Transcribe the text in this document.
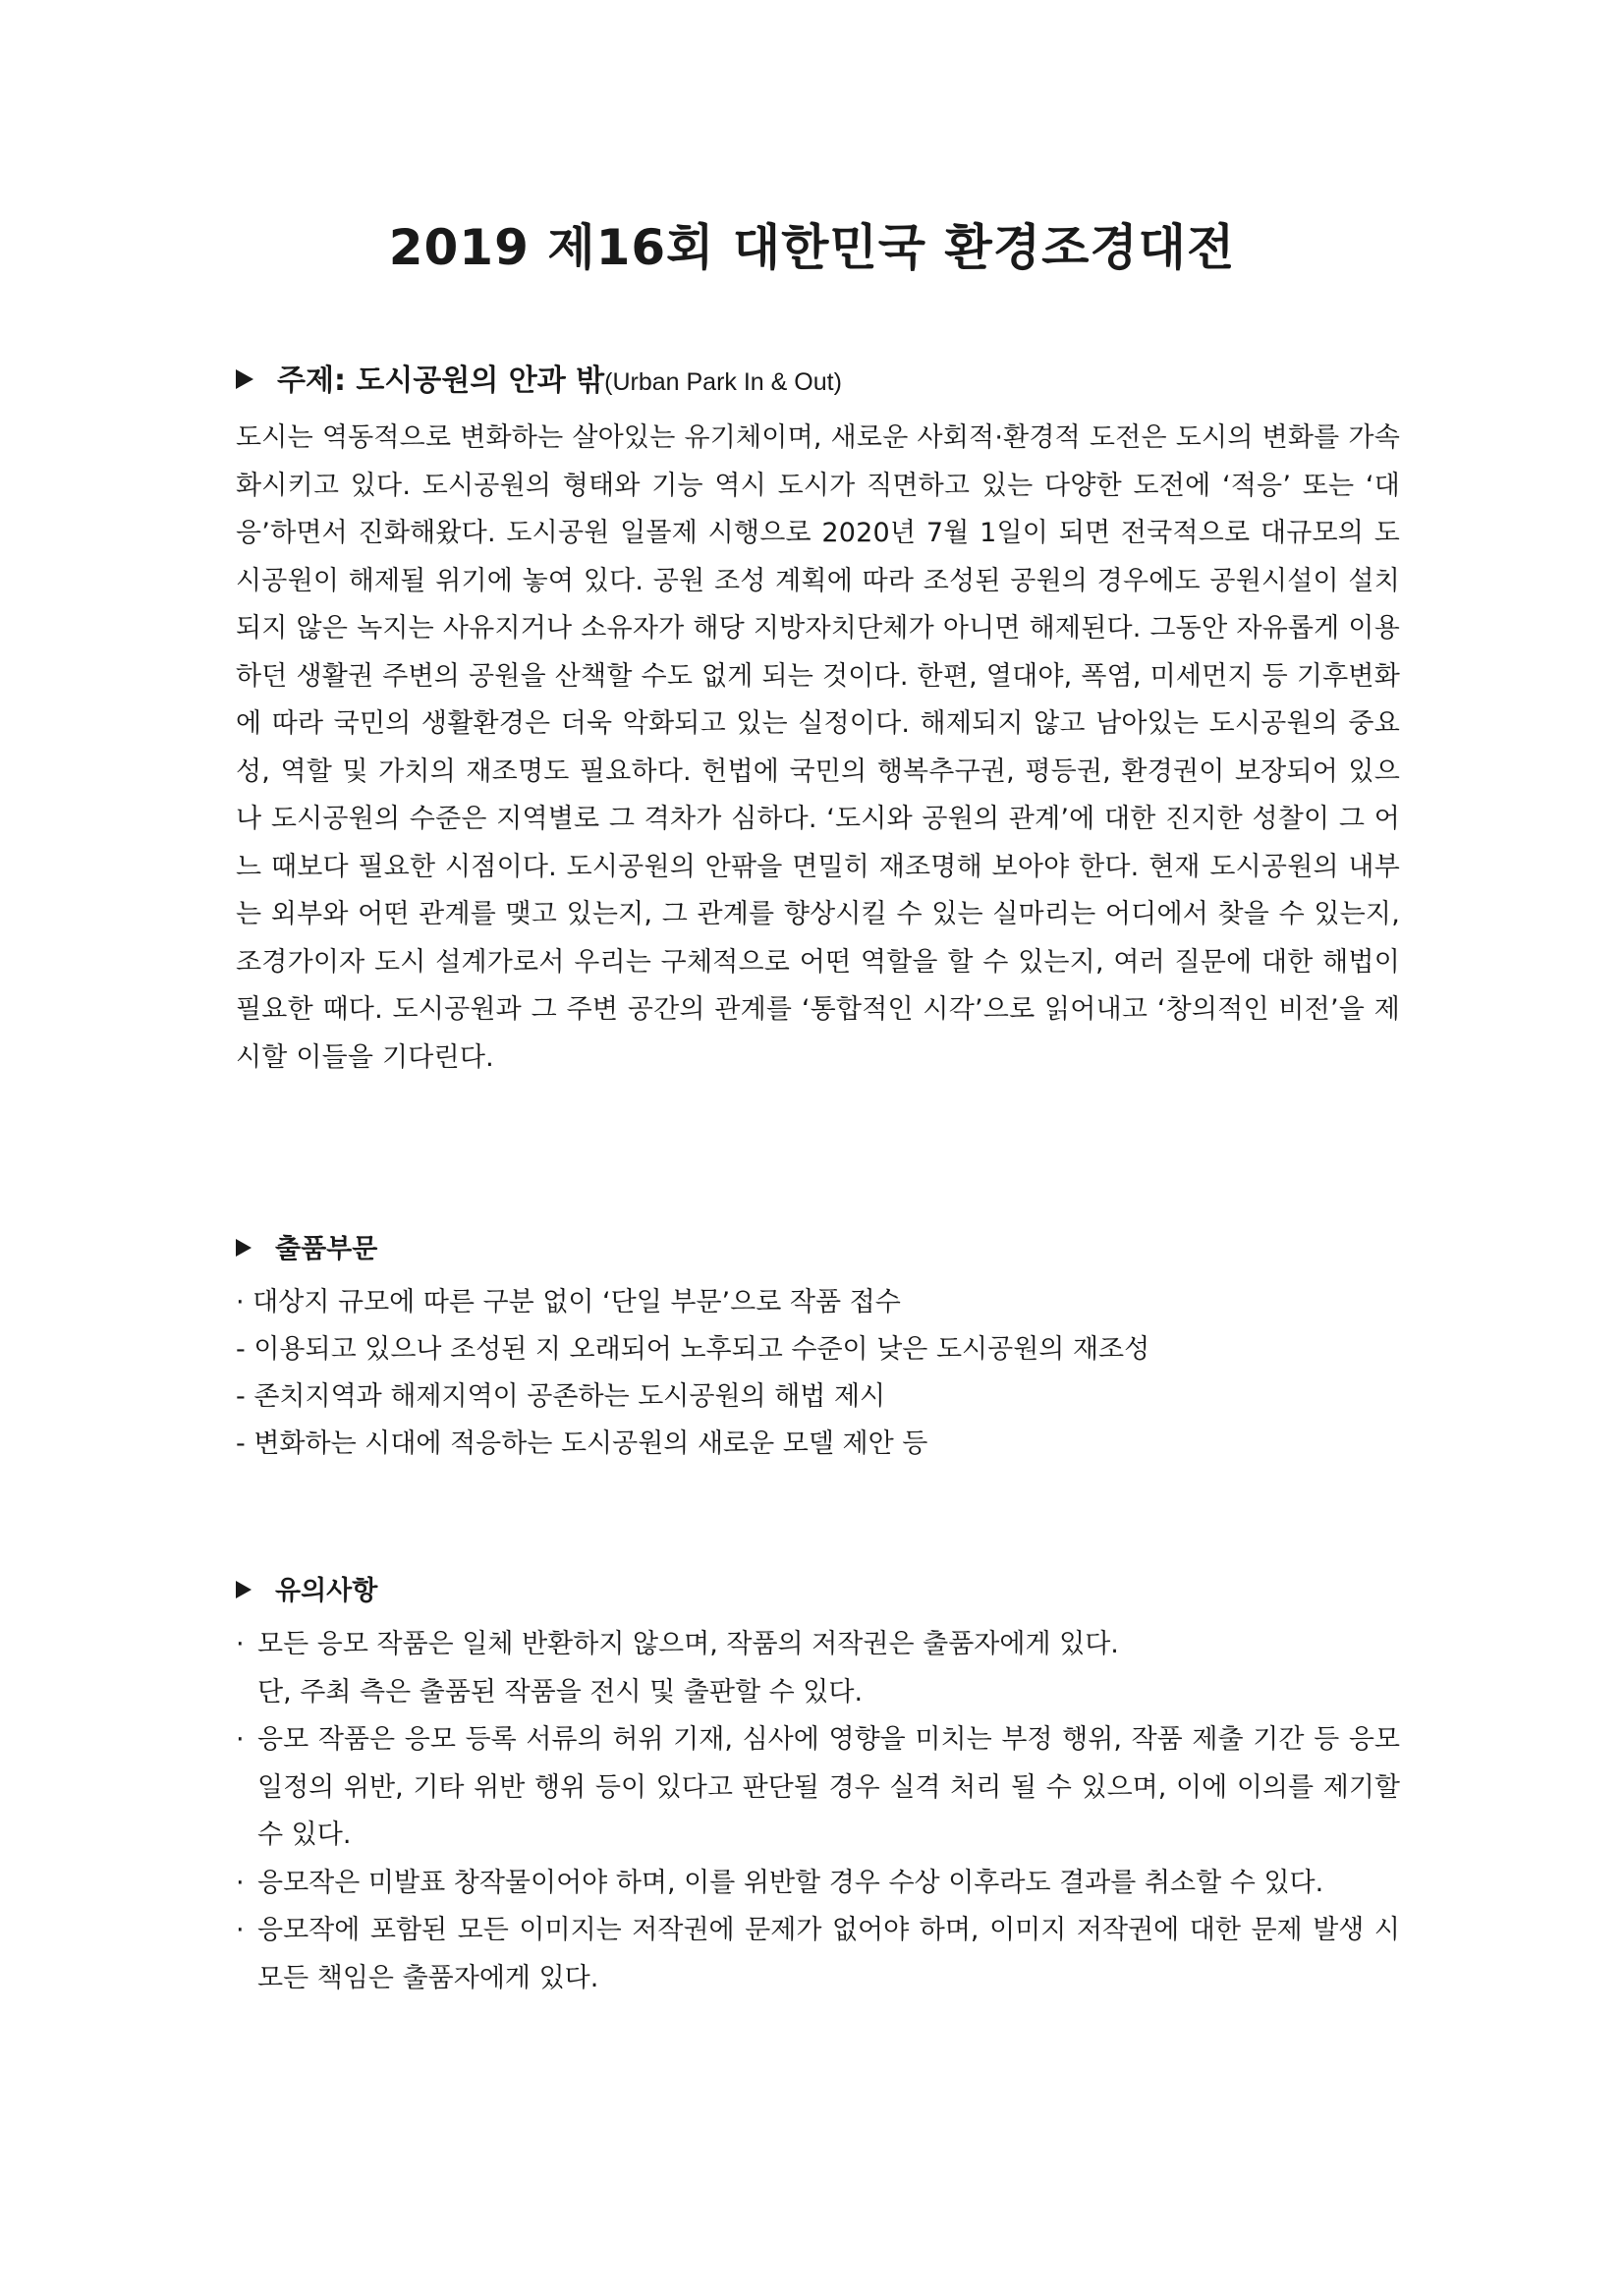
2019 제16회 대한민국 환경조경대전
주제: 도시공원의 안과 밖(Urban Park In & Out)

도시는 역동적으로 변화하는 살아있는 유기체이며, 새로운 사회적·환경적 도전은 도시의 변화를 가속화시키고 있다. 도시공원의 형태와 기능 역시 도시가 직면하고 있는 다양한 도전에 ‘적응’ 또는 ‘대응’하면서 진화해왔다. 도시공원 일몰제 시행으로 2020년 7월 1일이 되면 전국적으로 대규모의 도시공원이 해제될 위기에 놓여 있다. 공원 조성 계획에 따라 조성된 공원의 경우에도 공원시설이 설치되지 않은 녹지는 사유지거나 소유자가 해당 지방자치단체가 아니면 해제된다. 그동안 자유롭게 이용하던 생활권 주변의 공원을 산책할 수도 없게 되는 것이다. 한편, 열대야, 폭염, 미세먼지 등 기후변화에 따라 국민의 생활환경은 더욱 악화되고 있는 실정이다. 해제되지 않고 남아있는 도시공원의 중요성, 역할 및 가치의 재조명도 필요하다. 헌법에 국민의 행복추구권, 평등권, 환경권이 보장되어 있으나 도시공원의 수준은 지역별로 그 격차가 심하다. ‘도시와 공원의 관계’에 대한 진지한 성찰이 그 어느 때보다 필요한 시점이다. 도시공원의 안팎을 면밀히 재조명해 보아야 한다. 현재 도시공원의 내부는 외부와 어떤 관계를 맺고 있는지, 그 관계를 향상시킬 수 있는 실마리는 어디에서 찾을 수 있는지, 조경가이자 도시 설계가로서 우리는 구체적으로 어떤 역할을 할 수 있는지, 여러 질문에 대한 해법이 필요한 때다. 도시공원과 그 주변 공간의 관계를 ‘통합적인 시각’으로 읽어내고 ‘창의적인 비전’을 제시할 이들을 기다린다.

출품부문
· 대상지 규모에 따른 구분 없이 ‘단일 부문’으로 작품 접수
- 이용되고 있으나 조성된 지 오래되어 노후되고 수준이 낮은 도시공원의 재조성
- 존치지역과 해제지역이 공존하는 도시공원의 해법 제시
- 변화하는 시대에 적응하는 도시공원의 새로운 모델 제안 등
유의사항
· 모든 응모 작품은 일체 반환하지 않으며, 작품의 저작권은 출품자에게 있다.
단, 주최 측은 출품된 작품을 전시 및 출판할 수 있다.
· 응모 작품은 응모 등록 서류의 허위 기재, 심사에 영향을 미치는 부정 행위, 작품 제출 기간 등 응모 일정의 위반, 기타 위반 행위 등이 있다고 판단될 경우 실격 처리 될 수 있으며, 이에 이의를 제기할 수 있다.
· 응모작은 미발표 창작물이어야 하며, 이를 위반할 경우 수상 이후라도 결과를 취소할 수 있다.
· 응모작에 포함된 모든 이미지는 저작권에 문제가 없어야 하며, 이미지 저작권에 대한 문제 발생 시 모든 책임은 출품자에게 있다.
